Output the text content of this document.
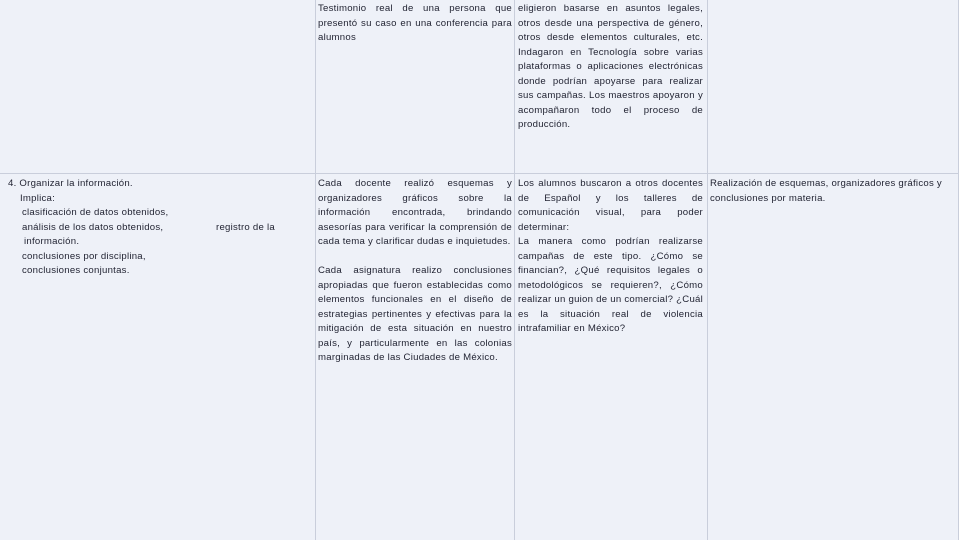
Testimonio real de una persona que presentó su caso en una conferencia para alumnos

eligieron basarse en asuntos legales, otros desde una perspectiva de género, otros desde elementos culturales, etc. Indagaron en Tecnología sobre varias plataformas o aplicaciones electrónicas donde podrían apoyarse para realizar sus campañas. Los maestros apoyaron y acompañaron todo el proceso de producción.

4. Organizar la información.
Implica:
clasificación de datos obtenidos,
análisis de los datos obtenidos,
información.
conclusiones por disciplina,
conclusiones conjuntas.
registro de la

Cada docente realizó esquemas y organizadores gráficos sobre la información encontrada, brindando asesorías para verificar la comprensión de cada tema y clarificar dudas e inquietudes.

Cada asignatura realizo conclusiones apropiadas que fueron establecidas como elementos funcionales en el diseño de estrategias pertinentes y efectivas para la mitigación de esta situación en nuestro país, y particularmente en las colonias marginadas de las Ciudades de México.

Los alumnos buscaron a otros docentes de Español y los talleres de comunicación visual, para poder determinar:

La manera como podrían realizarse campañas de este tipo. ¿Cómo se financian?, ¿Qué requisitos legales o metodológicos se requieren?, ¿Cómo realizar un guion de un comercial? ¿Cuál es la situación real de violencia intrafamiliar en México?

Realización de esquemas, organizadores gráficos y conclusiones por materia.
